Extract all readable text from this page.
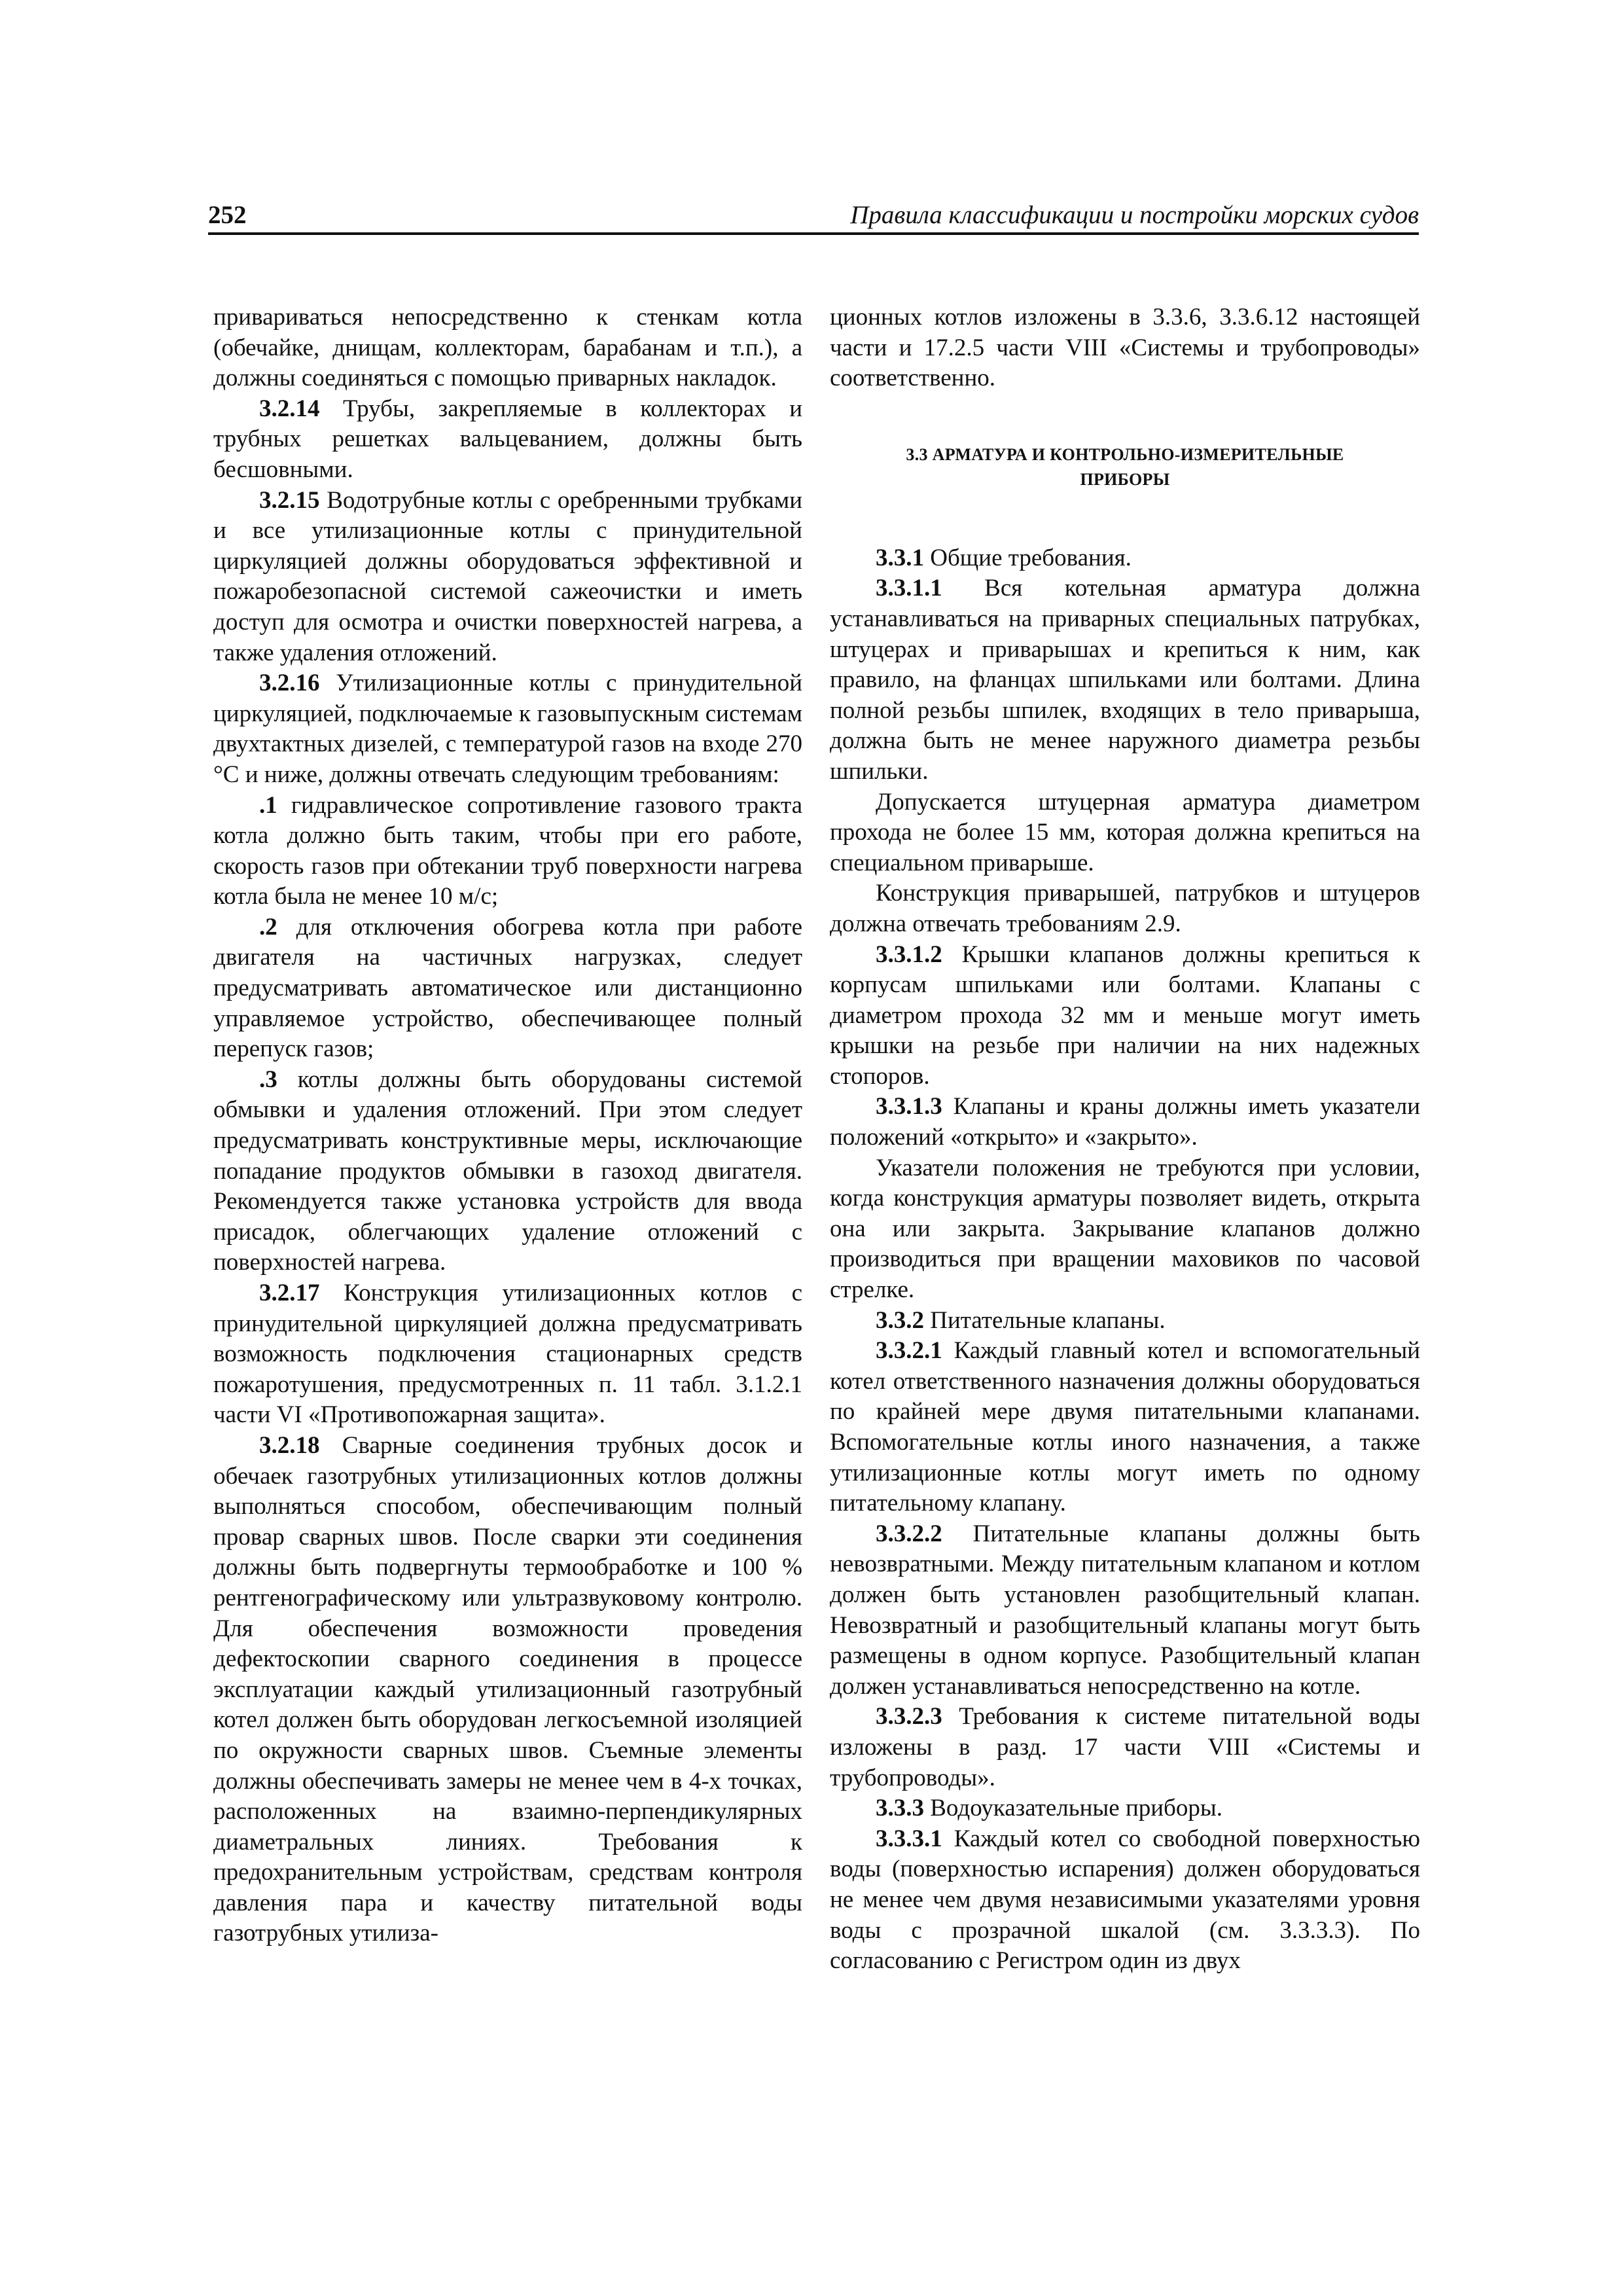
252	Правила классификации и постройки морских судов

привариваться непосредственно к стенкам котла (обечайке, днищам, коллекторам, барабанам и т.п.), а должны соединяться с помощью приварных накладок.

3.2.14 Трубы, закрепляемые в коллекторах и трубных решетках вальцеванием, должны быть бесшовными.

3.2.15 Водотрубные котлы с оребренными трубками и все утилизационные котлы с принудительной циркуляцией должны оборудоваться эффективной и пожаробезопасной системой сажеочистки и иметь доступ для осмотра и очистки поверхностей нагрева, а также удаления отложений.

3.2.16 Утилизационные котлы с принудительной циркуляцией, подключаемые к газовыпускным системам двухтактных дизелей, с температурой газов на входе 270 °С и ниже, должны отвечать следующим требованиям:

.1 гидравлическое сопротивление газового тракта котла должно быть таким, чтобы при его работе, скорость газов при обтекании труб поверхности нагрева котла была не менее 10 м/с;

.2 для отключения обогрева котла при работе двигателя на частичных нагрузках, следует предусматривать автоматическое или дистанционно управляемое устройство, обеспечивающее полный перепуск газов;

.3 котлы должны быть оборудованы системой обмывки и удаления отложений. При этом следует предусматривать конструктивные меры, исключающие попадание продуктов обмывки в газоход двигателя. Рекомендуется также установка устройств для ввода присадок, облегчающих удаление отложений с поверхностей нагрева.

3.2.17 Конструкция утилизационных котлов с принудительной циркуляцией должна предусматривать возможность подключения стационарных средств пожаротушения, предусмотренных п. 11 табл. 3.1.2.1 части VI «Противопожарная защита».

3.2.18 Сварные соединения трубных досок и обечаек газотрубных утилизационных котлов должны выполняться способом, обеспечивающим полный провар сварных швов. После сварки эти соединения должны быть подвергнуты термообработке и 100 % рентгенографическому или ультразвуковому контролю. Для обеспечения возможности проведения дефектоскопии сварного соединения в процессе эксплуатации каждый утилизационный газотрубный котел должен быть оборудован легкосъемной изоляцией по окружности сварных швов. Съемные элементы должны обеспечивать замеры не менее чем в 4-х точках, расположенных на взаимно-перпендикулярных диаметральных линиях. Требования к предохранительным устройствам, средствам контроля давления пара и качеству питательной воды газотрубных утилиза-

ционных котлов изложены в 3.3.6, 3.3.6.12 настоящей части и 17.2.5 части VIII «Системы и трубопроводы» соответственно.

3.3 АРМАТУРА И КОНТРОЛЬНО-ИЗМЕРИТЕЛЬНЫЕ
ПРИБОРЫ

3.3.1 Общие требования.

3.3.1.1 Вся котельная арматура должна устанавливаться на приварных специальных патрубках, штуцерах и приварышах и крепиться к ним, как правило, на фланцах шпильками или болтами. Длина полной резьбы шпилек, входящих в тело приварыша, должна быть не менее наружного диаметра резьбы шпильки.

Допускается штуцерная арматура диаметром прохода не более 15 мм, которая должна крепиться на специальном приварыше.

Конструкция приварышей, патрубков и штуцеров должна отвечать требованиям 2.9.

3.3.1.2 Крышки клапанов должны крепиться к корпусам шпильками или болтами. Клапаны с диаметром прохода 32 мм и меньше могут иметь крышки на резьбе при наличии на них надежных стопоров.

3.3.1.3 Клапаны и краны должны иметь указатели положений «открыто» и «закрыто».

Указатели положения не требуются при условии, когда конструкция арматуры позволяет видеть, открыта она или закрыта. Закрывание клапанов должно производиться при вращении маховиков по часовой стрелке.

3.3.2 Питательные клапаны.

3.3.2.1 Каждый главный котел и вспомогательный котел ответственного назначения должны оборудоваться по крайней мере двумя питательными клапанами. Вспомогательные котлы иного назначения, а также утилизационные котлы могут иметь по одному питательному клапану.

3.3.2.2 Питательные клапаны должны быть невозвратными. Между питательным клапаном и котлом должен быть установлен разобщительный клапан. Невозвратный и разобщительный клапаны могут быть размещены в одном корпусе. Разобщительный клапан должен устанавливаться непосредственно на котле.

3.3.2.3 Требования к системе питательной воды изложены в разд. 17 части VIII «Системы и трубопроводы».

3.3.3 Водоуказательные приборы.

3.3.3.1 Каждый котел со свободной поверхностью воды (поверхностью испарения) должен оборудоваться не менее чем двумя независимыми указателями уровня воды с прозрачной шкалой (см. 3.3.3.3). По согласованию с Регистром один из двух
